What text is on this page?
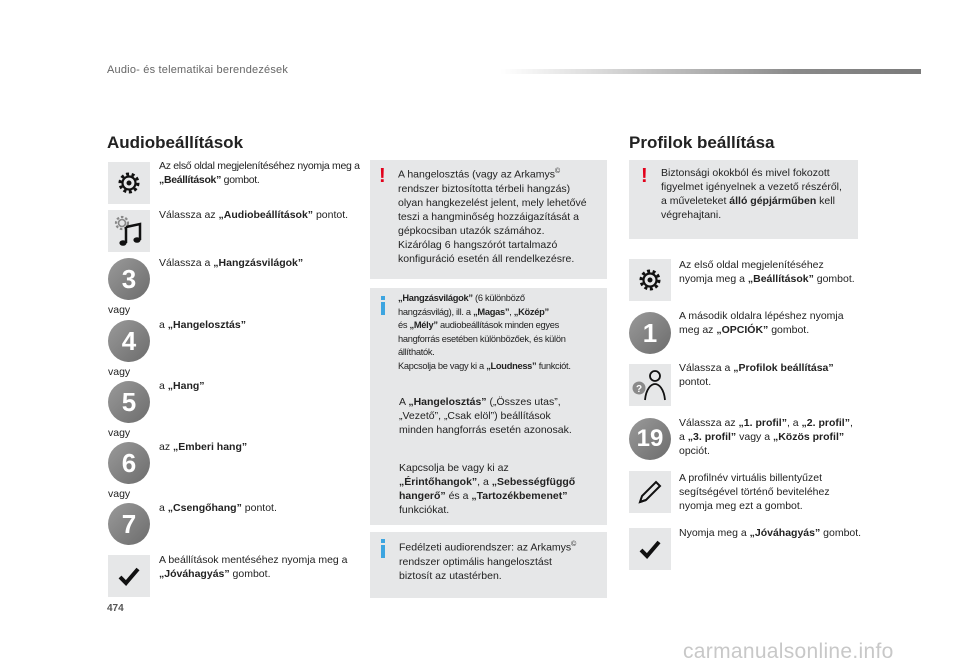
Audio- és telematikai berendezések
Audiobeállítások
Az első oldal megjelenítéséhez nyomja meg a „Beállítások” gombot.
Válassza az „Audiobeállítások” pontot.
3
Válassza a „Hangzásvilágok”
vagy
4
a „Hangelosztás”
vagy
5
a „Hang”
vagy
6
az „Emberi hang”
vagy
7
a „Csengőhang” pontot.
A beállítások mentéséhez nyomja meg a „Jóváhagyás” gombot.
! A hangelosztás (vagy az Arkamys©
rendszer biztosította térbeli hangzás)
olyan hangkezelést jelent, mely lehetővé
teszi a hangminőség hozzáigazítását a
gépkocsiban utazók számához.
Kizárólag 6 hangszórót tartalmazó
konfiguráció esetén áll rendelkezésre.
„Hangzásvilágok” (6 különböző
hangzásvilág), ill. a „Magas”, „Közép”
és „Mély” audiobeállítások minden egyes
hangforrás esetében különbözőek, és külön
állíthatók.
Kapcsolja be vagy ki a „Loudness” funkciót.
A „Hangelosztás” („Összes utas”,
„Vezető”, „Csak elöl”) beállítások
minden hangforrás esetén azonosak.
Kapcsolja be vagy ki az
„Érintőhangok”, a „Sebességfüggő
hangerő” és a „Tartozékbemenet”
funkciókat.
Fedélzeti audiorendszer: az Arkamys©
rendszer optimális hangelosztást
biztosít az utastérben.
Profilok beállítása
! Biztonsági okokból és mivel fokozott
figyelmet igényelnek a vezető részéről,
a műveleteket álló gépjárműben kell
végrehajtani.
Az első oldal megjelenítéséhez nyomja meg a „Beállítások” gombot.
1
A második oldalra lépéshez nyomja meg az „OPCIÓK” gombot.
?
Válassza a „Profilok beállítása” pontot.
19
Válassza az „1. profil”, a „2. profil”,
a „3. profil” vagy a „Közös profil”
opciót.
A profilnév virtuális billentyűzet
segítségével történő beviteléhez
nyomja meg ezt a gombot.
Nyomja meg a „Jóváhagyás” gombot.
474
carmanualsonline.info
